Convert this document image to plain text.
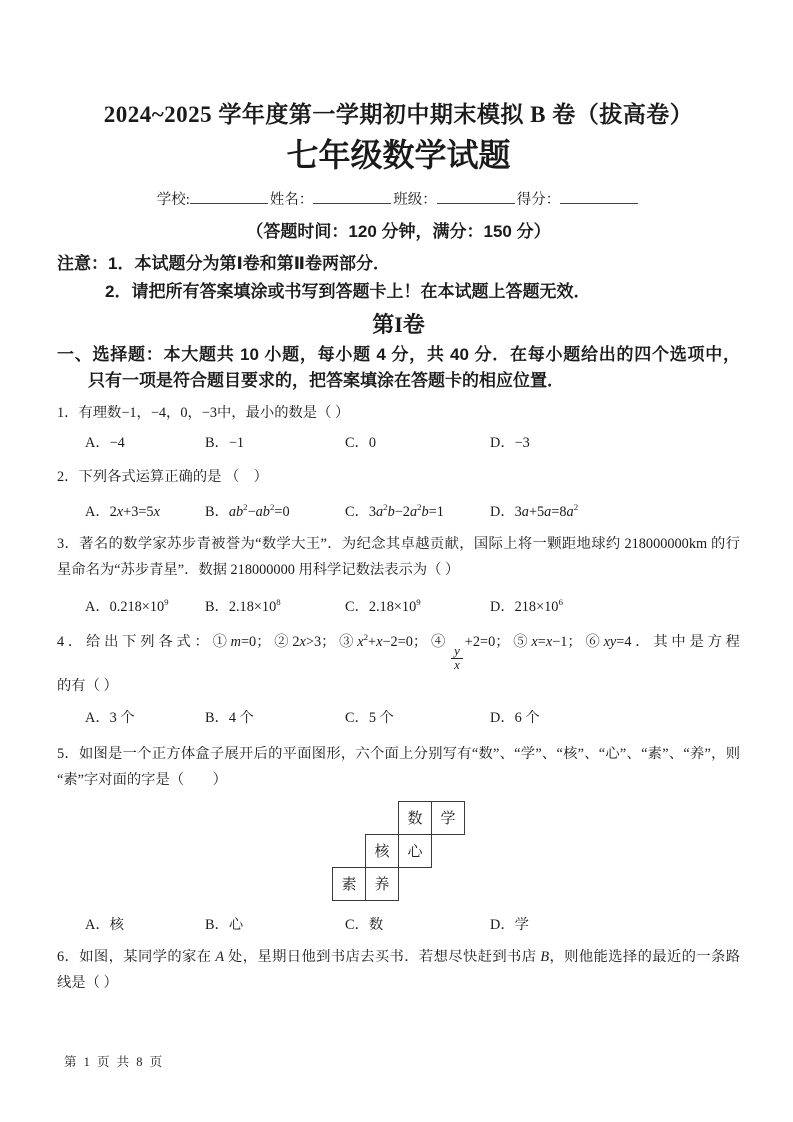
2024~2025 学年度第一学期初中期末模拟 B 卷（拔高卷）
七年级数学试题
学校:	姓名：	班级：	得分：
（答题时间：120 分钟，满分：150 分）
注意：1．本试题分为第Ⅰ卷和第Ⅱ卷两部分．
2．请把所有答案填涂或书写到答题卡上！在本试题上答题无效．
第I卷
一、选择题：本大题共 10 小题，每小题 4 分，共 40 分．在每小题给出的四个选项中，
只有一项是符合题目要求的，把答案填涂在答题卡的相应位置．
1．有理数−1，−4，0，−3中，最小的数是（ ）
A．−4	B．−1	C．0	D．−3
2．下列各式运算正确的是 （　）
A．2x+3=5x	B．$ab^2-ab^2=0$	C．$3a^2b-2a^2b=1$	D．$3a+5a=8a^2$
3．著名的数学家苏步青被誉为“数学大王”．为纪念其卓越贡献，国际上将一颗距地球约 218000000km 的行
星命名为“苏步青星”．数据 218000000 用科学记数法表示为（ ）
A．$0.218\times 10^9$	B．$2.18\times 10^8$	C．$2.18\times 10^9$	D．$218\times 10^6$
4．给出下列各式：①m=0；②2x>3；$③x^2+x-2=0$；④
$\frac{y}{x}$
+2=0；⑤x=x−1；⑥xy=4．其中是方程
的有（ ）
A．3 个	B．4 个	C．5 个	D．6 个
5．如图是一个正方体盒子展开后的平面图形，六个面上分别写有“数”、“学”、“核”、“心”、“素”、“养”，则
“素”字对面的字是（　　）
数	学
核	心
素	养
A．核	B．心	C．数	D．学
6．如图，某同学的家在 A 处，星期日他到书店去买书．若想尽快赶到书店 B，则他能选择的最近的一条路
线是（ ）
第 1 页 共 8 页
